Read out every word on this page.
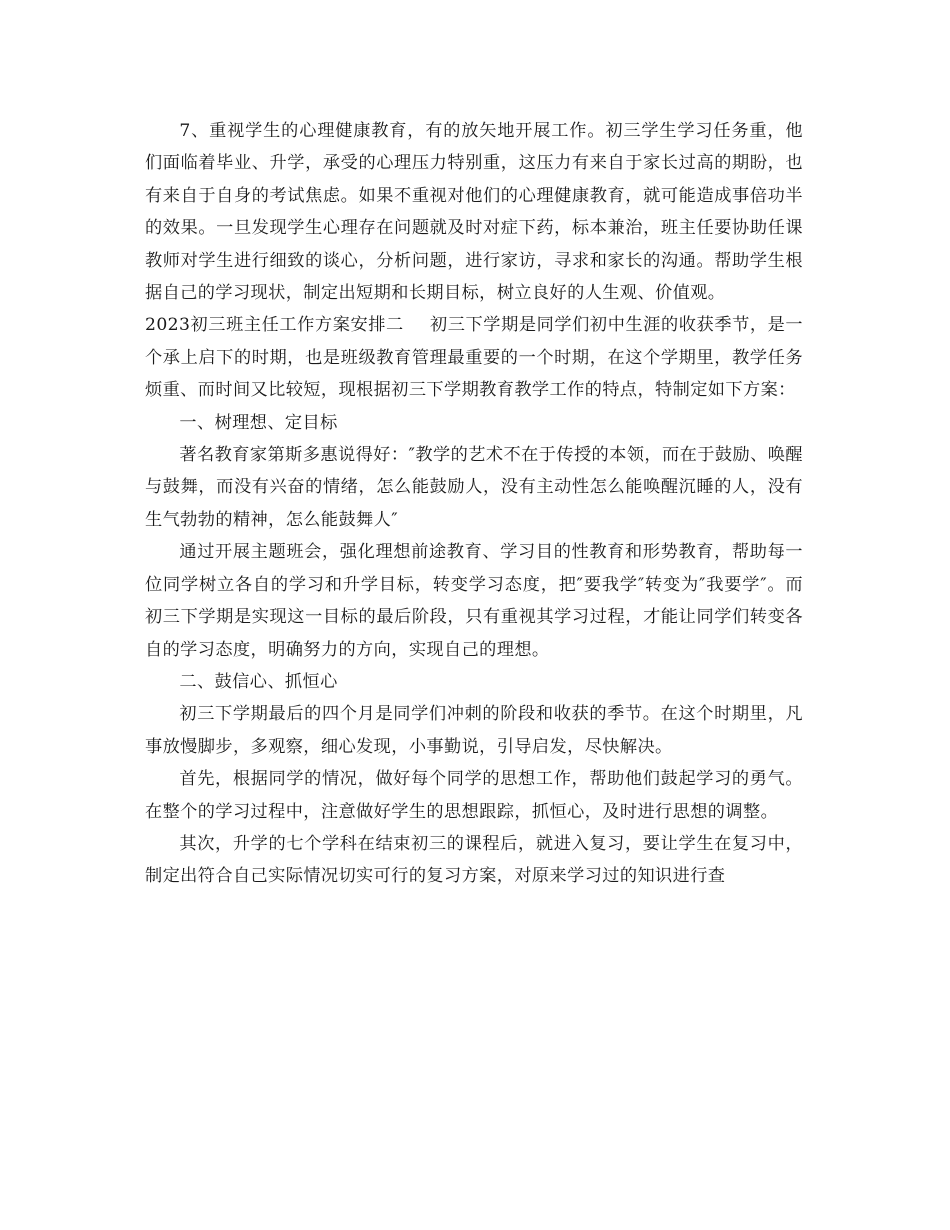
7、重视学生的心理健康教育，有的放矢地开展工作。初三学生学习任务重，他们面临着毕业、升学，承受的心理压力特别重，这压力有来自于家长过高的期盼，也有来自于自身的考试焦虑。如果不重视对他们的心理健康教育，就可能造成事倍功半的效果。一旦发现学生心理存在问题就及时对症下药，标本兼治，班主任要协助任课教师对学生进行细致的谈心，分析问题，进行家访，寻求和家长的沟通。帮助学生根据自己的学习现状，制定出短期和长期目标，树立良好的人生观、价值观。

2023初三班主任工作方案安排二 初三下学期是同学们初中生涯的收获季节，是一个承上启下的时期，也是班级教育管理最重要的一个时期，在这个学期里，教学任务烦重、而时间又比较短，现根据初三下学期教育教学工作的特点，特制定如下方案：

一、树理想、定目标

著名教育家第斯多惠说得好：″教学的艺术不在于传授的本领，而在于鼓励、唤醒与鼓舞，而没有兴奋的情绪，怎么能鼓励人，没有主动性怎么能唤醒沉睡的人，没有生气勃勃的精神，怎么能鼓舞人″

通过开展主题班会，强化理想前途教育、学习目的性教育和形势教育，帮助每一位同学树立各自的学习和升学目标，转变学习态度，把″要我学″转变为″我要学″。而初三下学期是实现这一目标的最后阶段，只有重视其学习过程，才能让同学们转变各自的学习态度，明确努力的方向，实现自己的理想。

二、鼓信心、抓恒心

初三下学期最后的四个月是同学们冲刺的阶段和收获的季节。在这个时期里，凡事放慢脚步，多观察，细心发现，小事勤说，引导启发，尽快解决。

首先，根据同学的情况，做好每个同学的思想工作，帮助他们鼓起学习的勇气。在整个的学习过程中，注意做好学生的思想跟踪，抓恒心，及时进行思想的调整。

其次，升学的七个学科在结束初三的课程后，就进入复习，要让学生在复习中，制定出符合自己实际情况切实可行的复习方案，对原来学习过的知识进行查
